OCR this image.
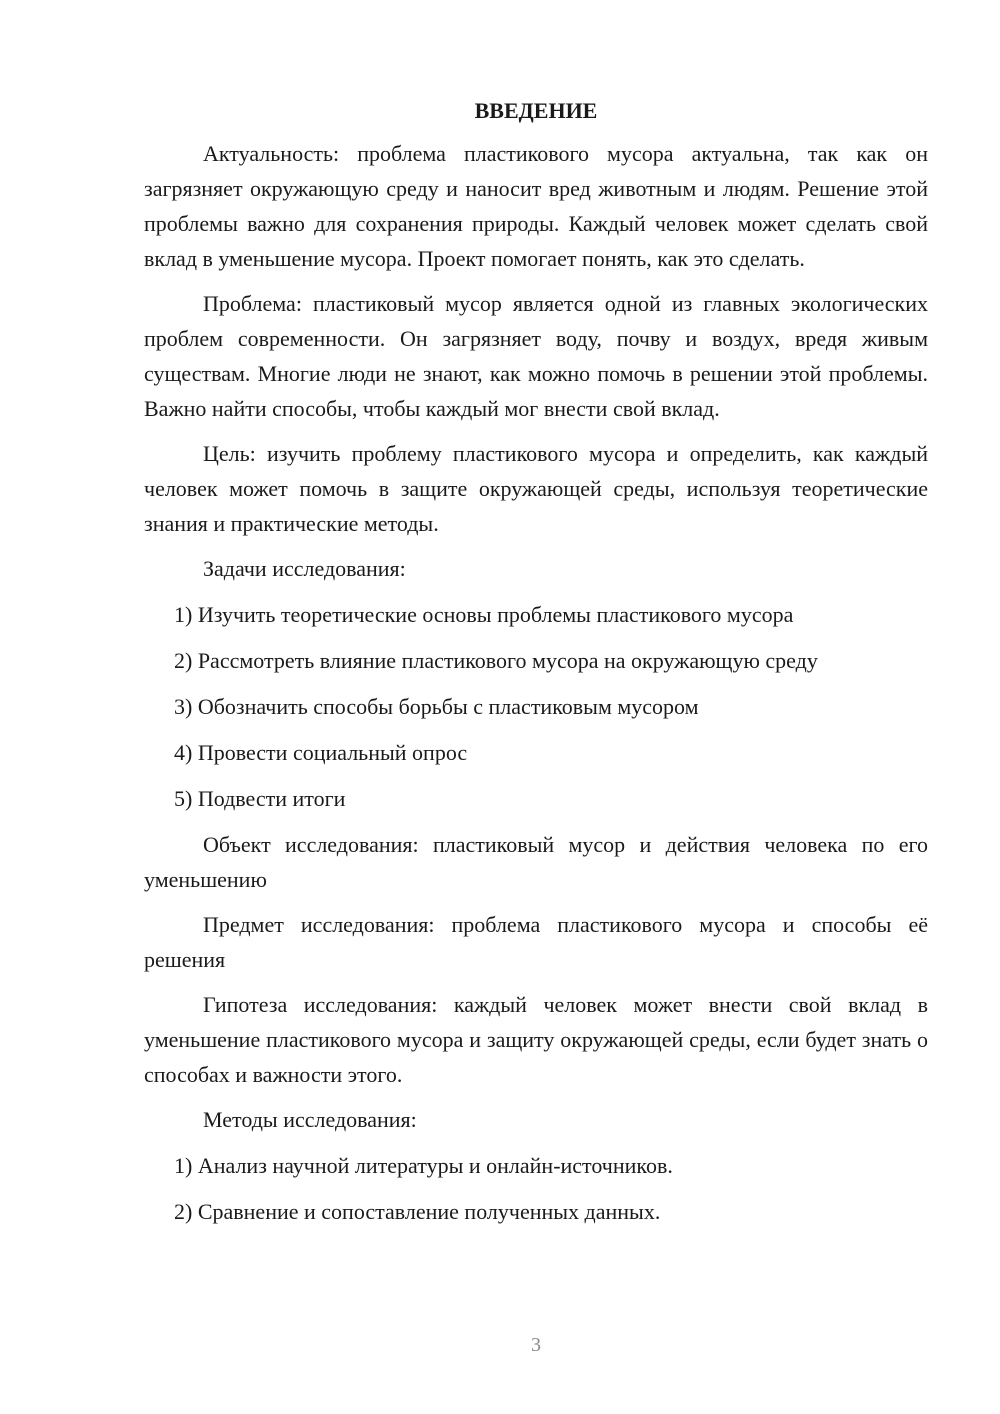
ВВЕДЕНИЕ

Актуальность: проблема пластикового мусора актуальна, так как он загрязняет окружающую среду и наносит вред животным и людям. Решение этой проблемы важно для сохранения природы. Каждый человек может сделать свой вклад в уменьшение мусора. Проект помогает понять, как это сделать.

Проблема: пластиковый мусор является одной из главных экологических проблем современности. Он загрязняет воду, почву и воздух, вредя живым существам. Многие люди не знают, как можно помочь в решении этой проблемы. Важно найти способы, чтобы каждый мог внести свой вклад.

Цель: изучить проблему пластикового мусора и определить, как каждый человек может помочь в защите окружающей среды, используя теоретические знания и практические методы.

Задачи исследования:
1) Изучить теоретические основы проблемы пластикового мусора
2) Рассмотреть влияние пластикового мусора на окружающую среду
3) Обозначить способы борьбы с пластиковым мусором
4) Провести социальный опрос
5) Подвести итоги

Объект исследования: пластиковый мусор и действия человека по его уменьшению

Предмет исследования: проблема пластикового мусора и способы её решения

Гипотеза исследования: каждый человек может внести свой вклад в уменьшение пластикового мусора и защиту окружающей среды, если будет знать о способах и важности этого.

Методы исследования:
1) Анализ научной литературы и онлайн-источников.
2) Сравнение и сопоставление полученных данных.
3
